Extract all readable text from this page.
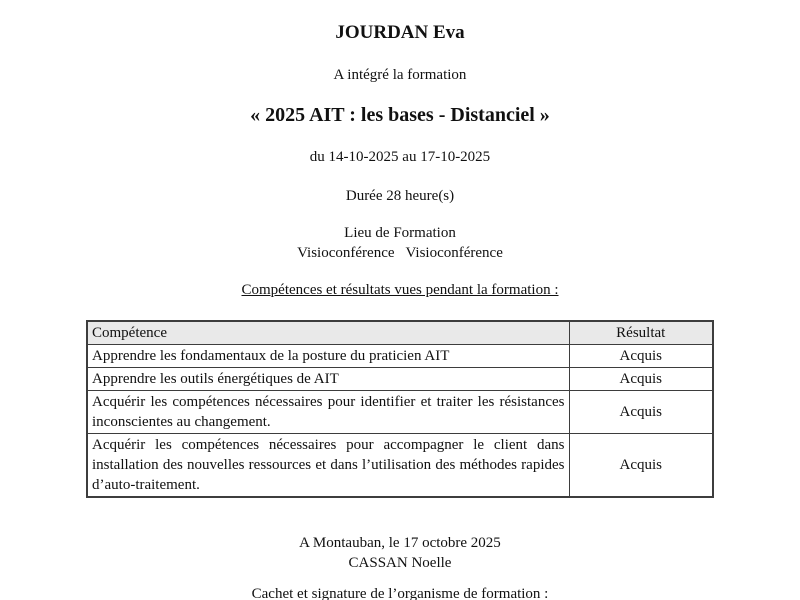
JOURDAN Eva
A intégré la formation
« 2025 AIT : les bases - Distanciel »
du 14-10-2025 au 17-10-2025
Durée 28 heure(s)
Lieu de Formation
Visioconférence   Visioconférence
Compétences et résultats vues pendant la formation :
Compétence	Résultat
Apprendre les fondamentaux de la posture du praticien AIT	Acquis
Apprendre les outils énergétiques de AIT	Acquis
Acquérir les compétences nécessaires pour identifier et traiter les résistances inconscientes au changement.	Acquis
Acquérir les compétences nécessaires pour accompagner le client dans installation des nouvelles ressources et dans l’utilisation des méthodes rapides d’auto-traitement.	Acquis
A Montauban, le 17 octobre 2025
CASSAN Noelle
Cachet et signature de l’organisme de formation :
